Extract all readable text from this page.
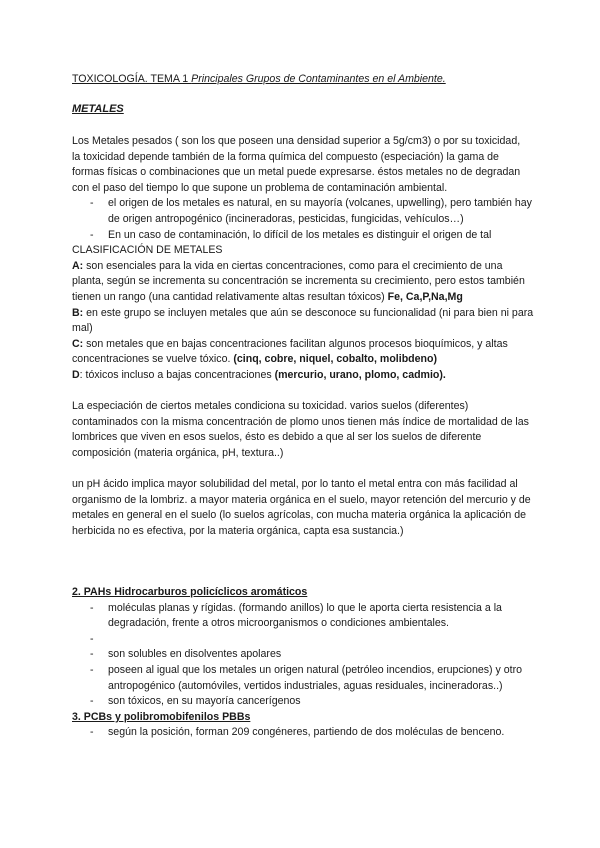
TOXICOLOGÍA. TEMA 1 Principales Grupos de Contaminantes en el Ambiente.
METALES
Los Metales pesados ( son los que poseen una densidad superior a 5g/cm3) o por su toxicidad,
la toxicidad depende también de la forma química del compuesto (especiación) la gama de formas físicas o combinaciones que un metal puede expresarse. éstos metales no de degradan con el paso del tiempo lo que supone un problema de contaminación ambiental.
- el origen de los metales es natural, en su mayoría (volcanes, upwelling), pero también hay de origen antropogénico (incineradoras, pesticidas, fungicidas, vehículos…)
- En un caso de contaminación, lo difícil de los metales es distinguir el origen de tal
CLASIFICACIÓN DE METALES
A: son esenciales para la vida en ciertas concentraciones, como para el crecimiento de una planta, según se incrementa su concentración se incrementa su crecimiento, pero estos también tienen un rango (una cantidad relativamente altas resultan tóxicos) Fe, Ca,P,Na,Mg
B: en este grupo se incluyen metales que aún se desconoce su funcionalidad (ni para bien ni para mal)
C: son metales que en bajas concentraciones facilitan algunos procesos bioquímicos, y altas concentraciones se vuelve tóxico. (cinq, cobre, niquel, cobalto, molibdeno)
D: tóxicos incluso a bajas concentraciones (mercurio, urano, plomo, cadmio).
La especiación de ciertos metales condiciona su toxicidad. varios suelos (diferentes) contaminados con la misma concentración de plomo unos tienen más índice de mortalidad de las lombrices que viven en esos suelos, ésto es debido a que al ser los suelos de diferente composición (materia orgánica, pH, textura..)
un pH ácido implica mayor solubilidad del metal, por lo tanto el metal entra con más facilidad al organismo de la lombriz. a mayor materia orgánica en el suelo, mayor retención del mercurio y de metales en general en el suelo (lo suelos agrícolas, con mucha materia orgánica la aplicación de herbicida no es efectiva, por la materia orgánica, capta esa sustancia.)
2. PAHs Hidrocarburos policíclicos aromáticos
- moléculas planas y rígidas. (formando anillos) lo que le aporta cierta resistencia a la degradación, frente a otros microorganismos o condiciones ambientales.
-
- son solubles en disolventes apolares
- poseen al igual que los metales un origen natural (petróleo incendios, erupciones) y otro antropogénico (automóviles, vertidos industriales, aguas residuales, incineradoras..)
- son tóxicos, en su mayoría cancerígenos
3. PCBs y polibromobifenilos PBBs
- según la posición, forman 209 congéneres, partiendo de dos moléculas de benceno.
